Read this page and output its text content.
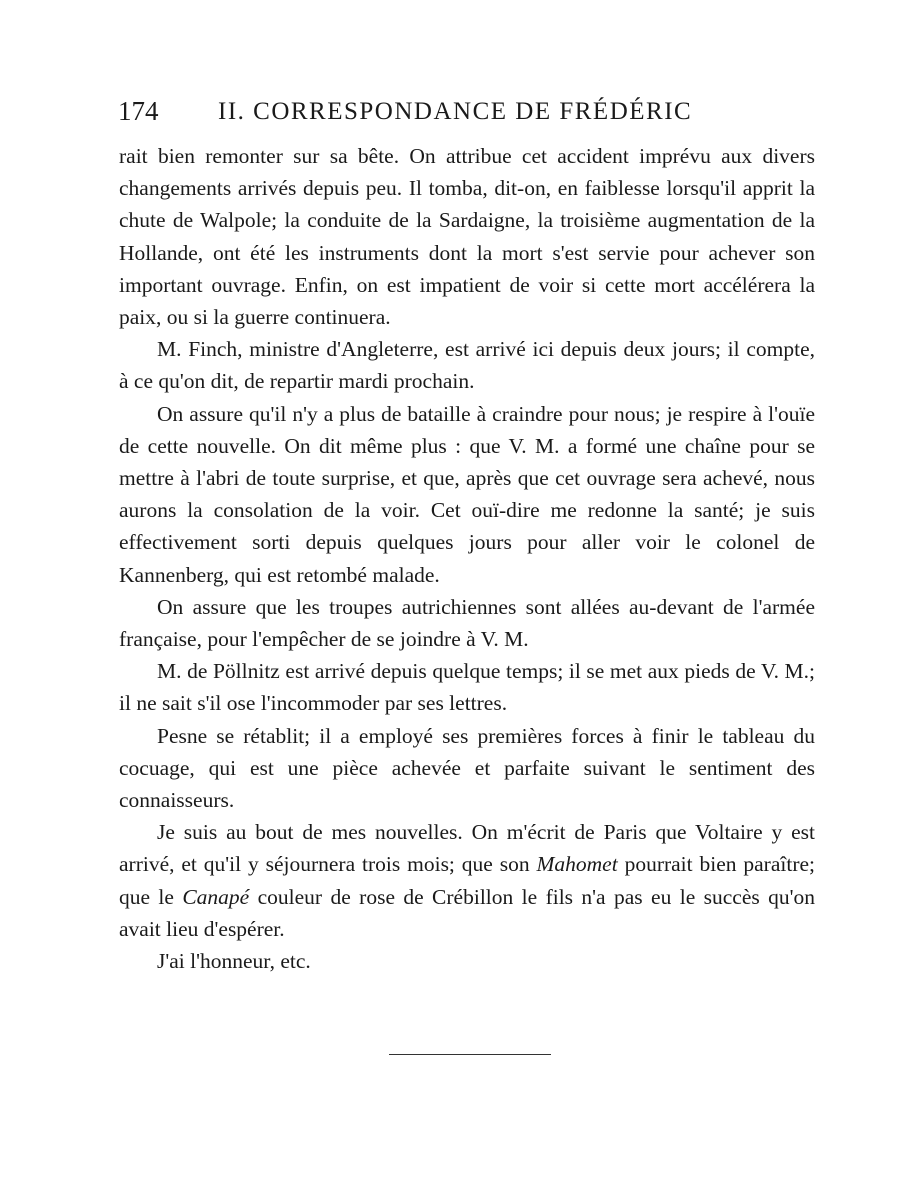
174 II. CORRESPONDANCE DE FRÉDÉRIC

rait bien remonter sur sa bête. On attribue cet accident imprévu aux divers changements arrivés depuis peu. Il tomba, dit-on, en faiblesse lorsqu'il apprit la chute de Walpole; la conduite de la Sardaigne, la troisième augmentation de la Hollande, ont été les instruments dont la mort s'est servie pour achever son important ouvrage. Enfin, on est impatient de voir si cette mort accélérera la paix, ou si la guerre continuera.

M. Finch, ministre d'Angleterre, est arrivé ici depuis deux jours; il compte, à ce qu'on dit, de repartir mardi prochain.

On assure qu'il n'y a plus de bataille à craindre pour nous; je respire à l'ouïe de cette nouvelle. On dit même plus : que V. M. a formé une chaîne pour se mettre à l'abri de toute surprise, et que, après que cet ouvrage sera achevé, nous aurons la consolation de la voir. Cet ouï-dire me redonne la santé; je suis effectivement sorti depuis quelques jours pour aller voir le colonel de Kannenberg, qui est retombé malade.

On assure que les troupes autrichiennes sont allées au-devant de l'armée française, pour l'empêcher de se joindre à V. M.

M. de Pöllnitz est arrivé depuis quelque temps; il se met aux pieds de V. M.; il ne sait s'il ose l'incommoder par ses lettres.

Pesne se rétablit; il a employé ses premières forces à finir le tableau du cocuage, qui est une pièce achevée et parfaite suivant le sentiment des connaisseurs.

Je suis au bout de mes nouvelles. On m'écrit de Paris que Voltaire y est arrivé, et qu'il y séjournera trois mois; que son Mahomet pourrait bien paraître; que le Canapé couleur de rose de Crébillon le fils n'a pas eu le succès qu'on avait lieu d'espérer.

J'ai l'honneur, etc.
